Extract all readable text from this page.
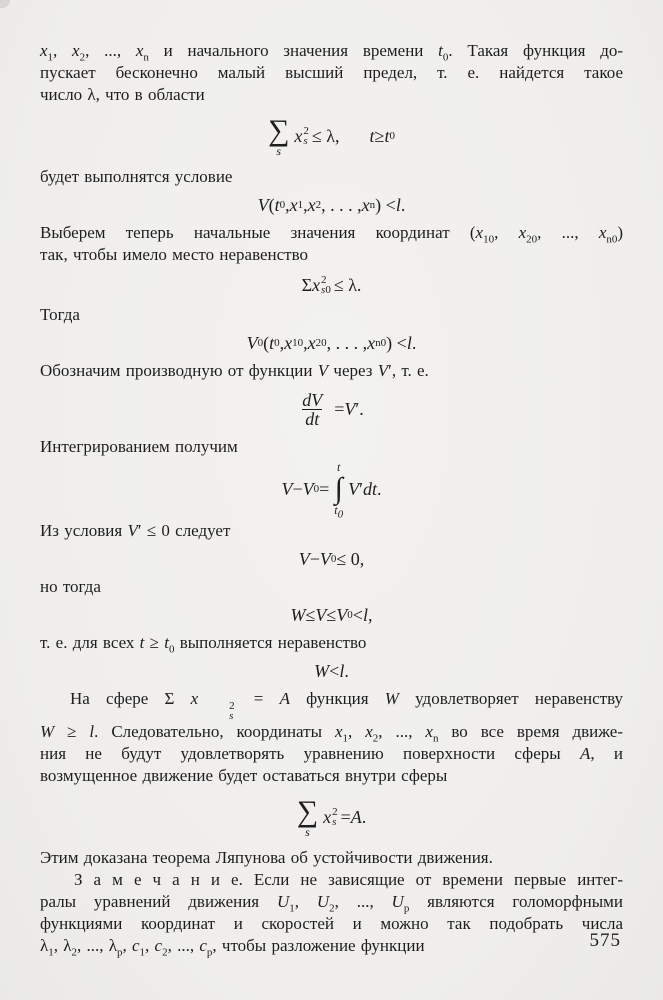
$x_1$, $x_2$, ..., $x_n$ и начального значения времени $t_0$. Такая функция до-
пускает бесконечно малый высший предел, т. е. найдется такое
число λ, что в области
∑
s
x 2
s ≤ λ, t ≥ t 0
будет выполнятся условие
V ( t 0 , x 1 , x 2 , . . . , x n ) < l .
Выберем теперь начальные значения координат ($x_{10}$, $x_{20}$, ..., $x_{n0}$)
так, чтобы имело место неравенство
Σ x 2
s0 ≤ λ.
Тогда
V 0 ( t 0 , x 10 , x 20 , . . . , x n0 ) < l .
Обозначим производную от функции V через V′, т. е.
$\frac{dV}{dt} = V$ ′.
Интегрированием получим
V − V 0 =
t
∫
$t_0$
V ′ dt .
Из условия V′ ≤ 0 следует
V − V 0 ≤ 0,
но тогда
W ≤ V ≤ V 0 < l ,
т. е. для всех $t \ge t_0$ выполняется неравенство
W < l .
На сфере Σ x	2
s
= A функция W удовлетворяет неравенству
W ≥ l. Следовательно, координаты $x_1$, $x_2$, ..., $x_n$ во все время движе-
ния не будут удовлетворять уравнению поверхности сферы A, и
возмущенное движение будет оставаться внутри сферы
∑
s
x 2
s = A .
Этим доказана теорема Ляпунова об устойчивости движения.
З а м е ч а н и е. Если не зависящие от времени первые интег-
ралы уравнений движения $U_1$, $U_2$, ..., $U_p$ являются голоморфными
функциями координат и скоростей и можно так подобрать числа
$\lambda_1$, $\lambda_2$, ..., $\lambda_p$, $c_1$, $c_2$, ..., $c_p$, чтобы разложение функции	575
